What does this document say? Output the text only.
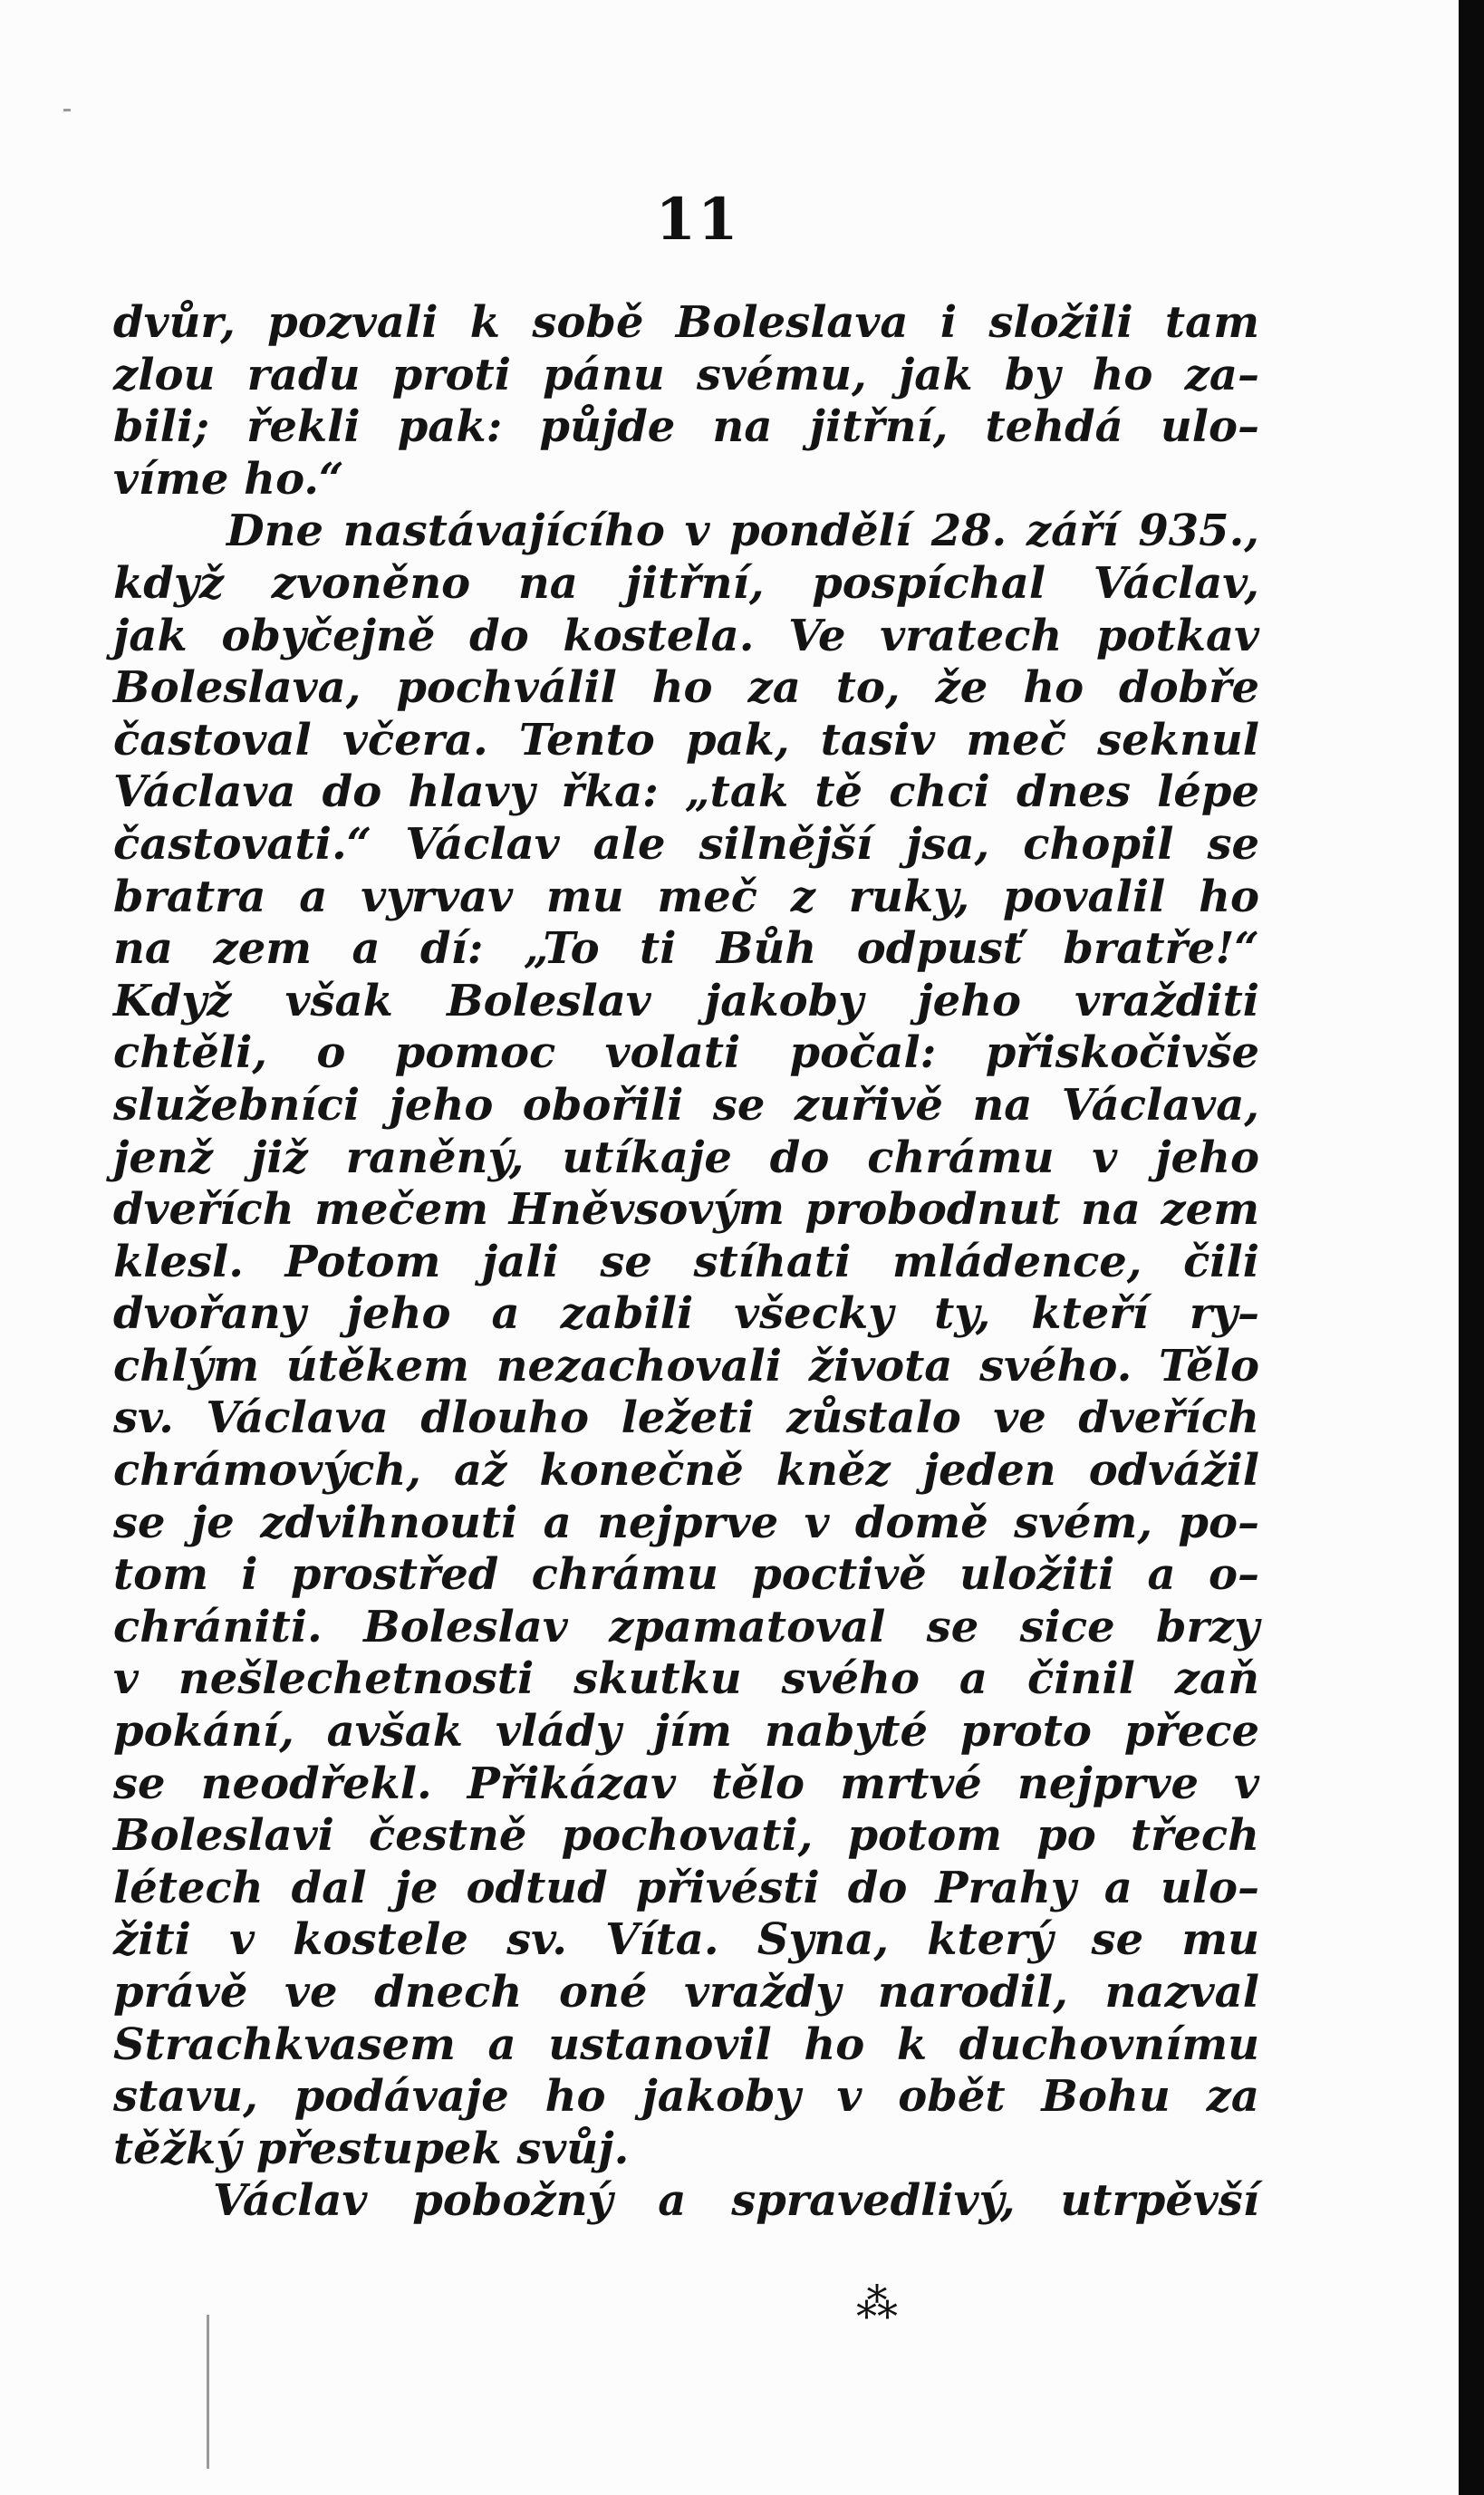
11
dvůr, pozvali k sobě Boleslava i složili tam
zlou radu proti pánu svému, jak by ho za–
bili; řekli pak: půjde na jitřní, tehdá ulo–
víme ho.“
Dne nastávajícího v pondělí 28. září 935.,
když zvoněno na jitřní, pospíchal Václav,
jak obyčejně do kostela. Ve vratech potkav
Boleslava, pochválil ho za to, že ho dobře
častoval včera. Tento pak, tasiv meč seknul
Václava do hlavy řka: „tak tě chci dnes lépe
častovati.“ Václav ale silnější jsa, chopil se
bratra a vyrvav mu meč z ruky, povalil ho
na zem a dí: „To ti Bůh odpusť bratře!“
Když však Boleslav jakoby jeho vražditi
chtěli, o pomoc volati počal: přiskočivše
služebníci jeho obořili se zuřivě na Václava,
jenž již raněný, utíkaje do chrámu v jeho
dveřích mečem Hněvsovým probodnut na zem
klesl. Potom jali se stíhati mládence, čili
dvořany jeho a zabili všecky ty, kteří ry–
chlým útěkem nezachovali života svého. Tělo
sv. Václava dlouho ležeti zůstalo ve dveřích
chrámových, až konečně kněz jeden odvážil
se je zdvihnouti a nejprve v domě svém, po–
tom i prostřed chrámu poctivě uložiti a o–
chrániti. Boleslav zpamatoval se sice brzy
v nešlechetnosti skutku svého a činil zaň
pokání, avšak vlády jím nabyté proto přece
se neodřekl. Přikázav tělo mrtvé nejprve v
Boleslavi čestně pochovati, potom po třech
létech dal je odtud přivésti do Prahy a ulo–
žiti v kostele sv. Víta. Syna, který se mu
právě ve dnech oné vraždy narodil, nazval
Strachkvasem a ustanovil ho k duchovnímu
stavu, podávaje ho jakoby v obět Bohu za
těžký přestupek svůj.
Václav pobožný a spravedlivý, utrpěvší
⁂
